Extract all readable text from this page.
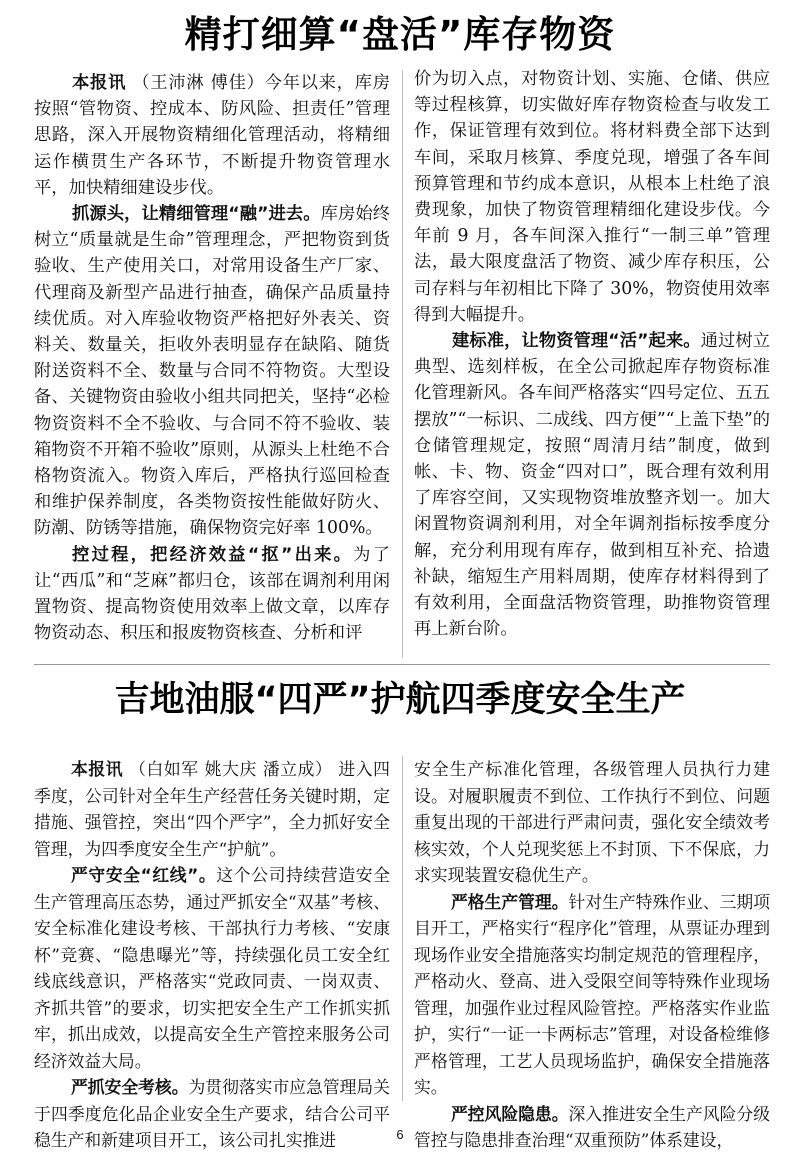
精打细算“盘活”库存物资

本报讯 （王沛淋 傅佳）今年以来，库房按照“管物资、控成本、防风险、担责任”管理思路，深入开展物资精细化管理活动，将精细运作横贯生产各环节，不断提升物资管理水平，加快精细建设步伐。

抓源头，让精细管理“融”进去。库房始终树立“质量就是生命”管理理念，严把物资到货验收、生产使用关口，对常用设备生产厂家、代理商及新型产品进行抽查，确保产品质量持续优质。对入库验收物资严格把好外表关、资料关、数量关，拒收外表明显存在缺陷、随货附送资料不全、数量与合同不符物资。大型设备、关键物资由验收小组共同把关，坚持“必检物资资料不全不验收、与合同不符不验收、装箱物资不开箱不验收”原则，从源头上杜绝不合格物资流入。物资入库后，严格执行巡回检查和维护保养制度，各类物资按性能做好防火、防潮、防锈等措施，确保物资完好率 100%。

控过程，把经济效益“抠”出来。为了让“西瓜”和“芝麻”都归仓，该部在调剂利用闲置物资、提高物资使用效率上做文章，以库存物资动态、积压和报废物资核查、分析和评

价为切入点，对物资计划、实施、仓储、供应等过程核算，切实做好库存物资检查与收发工作，保证管理有效到位。将材料费全部下达到车间，采取月核算、季度兑现，增强了各车间预算管理和节约成本意识，从根本上杜绝了浪费现象，加快了物资管理精细化建设步伐。今年前 9 月，各车间深入推行“一制三单”管理法，最大限度盘活了物资、减少库存积压，公司存料与年初相比下降了 30%，物资使用效率得到大幅提升。

建标准，让物资管理“活”起来。通过树立典型、选刻样板，在全公司掀起库存物资标准化管理新风。各车间严格落实“四号定位、五五摆放”“一标识、二成线、四方便”“上盖下垫”的仓储管理规定，按照“周清月结”制度，做到帐、卡、物、资金“四对口”，既合理有效利用了库容空间，又实现物资堆放整齐划一。加大闲置物资调剂利用，对全年调剂指标按季度分解，充分利用现有库存，做到相互补充、拾遗补缺，缩短生产用料周期，使库存材料得到了有效利用，全面盘活物资管理，助推物资管理再上新台阶。

吉地油服“四严”护航四季度安全生产

本报讯 （白如军 姚大庆 潘立成） 进入四季度，公司针对全年生产经营任务关键时期，定措施、强管控，突出“四个严字”，全力抓好安全管理，为四季度安全生产“护航”。

严守安全“红线”。这个公司持续营造安全生产管理高压态势，通过严抓安全“双基”考核、安全标准化建设考核、干部执行力考核、“安康杯”竞赛、“隐患曝光”等，持续强化员工安全红线底线意识，严格落实“党政同责、一岗双责、齐抓共管”的要求，切实把安全生产工作抓实抓牢，抓出成效，以提高安全生产管控来服务公司经济效益大局。

严抓安全考核。为贯彻落实市应急管理局关于四季度危化品企业安全生产要求，结合公司平稳生产和新建项目开工，该公司扎实推进

安全生产标准化管理，各级管理人员执行力建设。对履职履责不到位、工作执行不到位、问题重复出现的干部进行严肃问责，强化安全绩效考核实效，个人兑现奖惩上不封顶、下不保底，力求实现装置安稳优生产。

严格生产管理。针对生产特殊作业、三期项目开工，严格实行“程序化”管理，从票证办理到现场作业安全措施落实均制定规范的管理程序，严格动火、登高、进入受限空间等特殊作业现场管理，加强作业过程风险管控。严格落实作业监护，实行“一证一卡两标志”管理，对设备检维修严格管理，工艺人员现场监护，确保安全措施落实。

严控风险隐患。深入推进安全生产风险分级管控与隐患排查治理“双重预防”体系建设，

6
